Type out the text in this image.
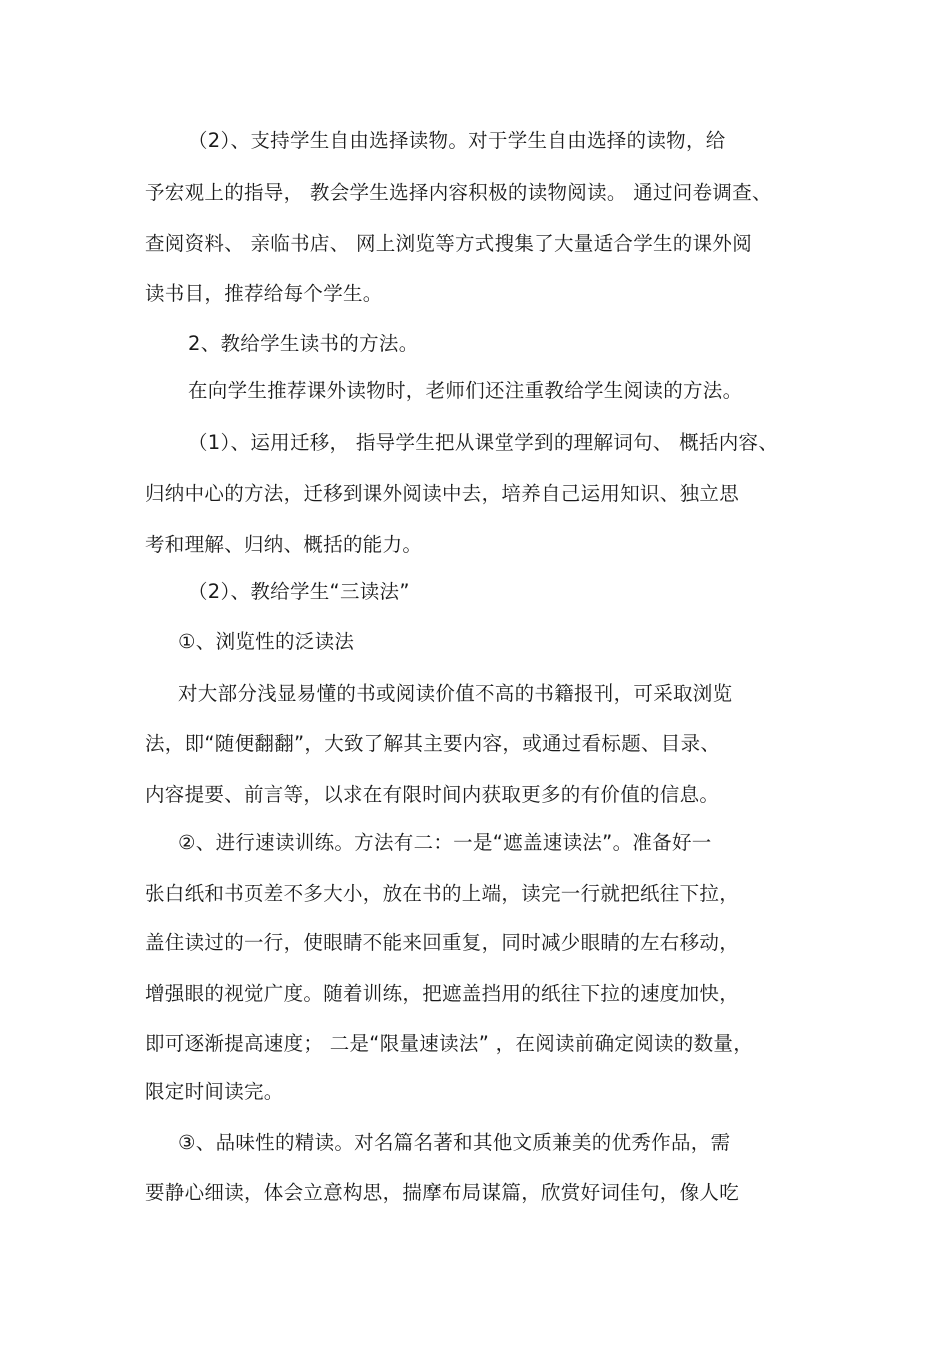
（2）、支持学生自由选择读物。对于学生自由选择的读物，给
予宏观上的指导， 教会学生选择内容积极的读物阅读。 通过问卷调查、
查阅资料、 亲临书店、 网上浏览等方式搜集了大量适合学生的课外阅
读书目，推荐给每个学生。
2、教给学生读书的方法。
在向学生推荐课外读物时，老师们还注重教给学生阅读的方法。
（1）、运用迁移， 指导学生把从课堂学到的理解词句、 概括内容、
归纳中心的方法，迁移到课外阅读中去，培养自己运用知识、独立思
考和理解、归纳、概括的能力。
（2）、教给学生“三读法”
①、浏览性的泛读法
对大部分浅显易懂的书或阅读价值不高的书籍报刊，可采取浏览
法，即“随便翻翻”，大致了解其主要内容，或通过看标题、目录、
内容提要、前言等，以求在有限时间内获取更多的有价值的信息。
②、进行速读训练。方法有二：一是“遮盖速读法”。准备好一
张白纸和书页差不多大小，放在书的上端，读完一行就把纸往下拉，
盖住读过的一行，使眼睛不能来回重复，同时减少眼睛的左右移动，
增强眼的视觉广度。随着训练，把遮盖挡用的纸往下拉的速度加快，
即可逐渐提高速度； 二是“限量速读法” ，在阅读前确定阅读的数量，
限定时间读完。
③、品味性的精读。对名篇名著和其他文质兼美的优秀作品，需
要静心细读，体会立意构思，揣摩布局谋篇，欣赏好词佳句，像人吃
